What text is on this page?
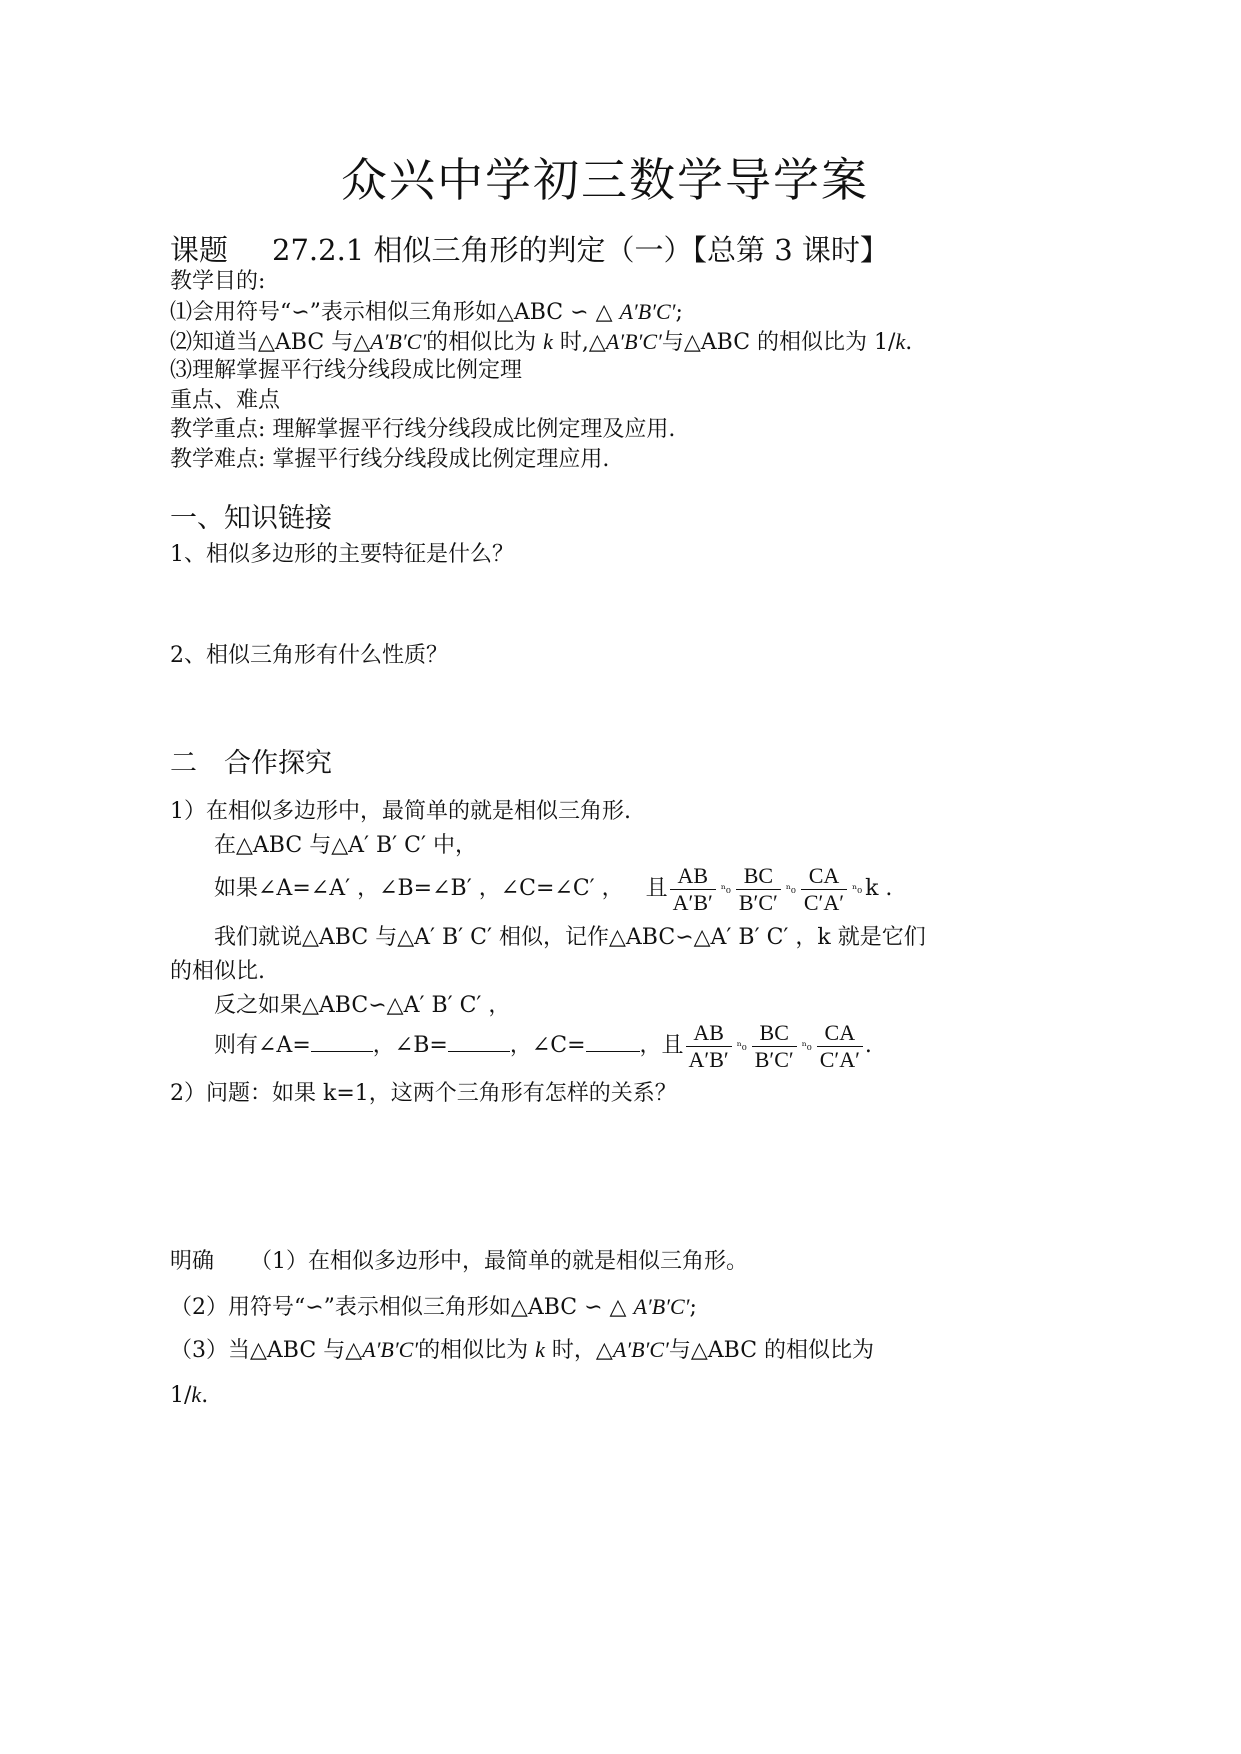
众兴中学初三数学导学案
课题 27.2.1 相似三角形的判定（一）【总第 3 课时】
教学目的:
⑴会用符号“∽”表示相似三角形如△ABC ∽ △ A′B′C′;
⑵知道当△ABC 与△A′B′C′的相似比为 k 时,△A′B′C′与△ABC 的相似比为 1/k.
⑶理解掌握平行线分线段成比例定理
重点、难点
教学重点: 理解掌握平行线分线段成比例定理及应用.
教学难点: 掌握平行线分线段成比例定理应用.
一、知识链接
1、相似多边形的主要特征是什么？
2、相似三角形有什么性质？
二　合作探究
1）在相似多边形中，最简单的就是相似三角形.
在△ABC 与△A′ B′ C′ 中，
如果∠A=∠A′ ，∠B=∠B′ ，∠C=∠C′ ， 且 $\frac{AB}{A'B'} ^n_0 \frac{BC}{B'C'} ^n_0 \frac{CA}{C'A'} ^n_0$ k .
我们就说△ABC 与△A′ B′ C′ 相似，记作△ABC∽△A′ B′ C′ ，k 就是它们
的相似比.
反之如果△ABC∽△A′ B′ C′ ，
则有∠A=	，∠B=	，∠C= ，且 $\frac{AB}{A'B'} ^n_0 \frac{BC}{B'C'} ^n_0 \frac{CA}{C'A'}$ .
2）问题：如果 k=1，这两个三角形有怎样的关系？
明确 （1）在相似多边形中，最简单的就是相似三角形。
（2）用符号“∽”表示相似三角形如△ABC ∽ △ A′B′C′;
（3）当△ABC 与△A′B′C′的相似比为 k 时，△A′B′C′与△ABC 的相似比为
1/k.
